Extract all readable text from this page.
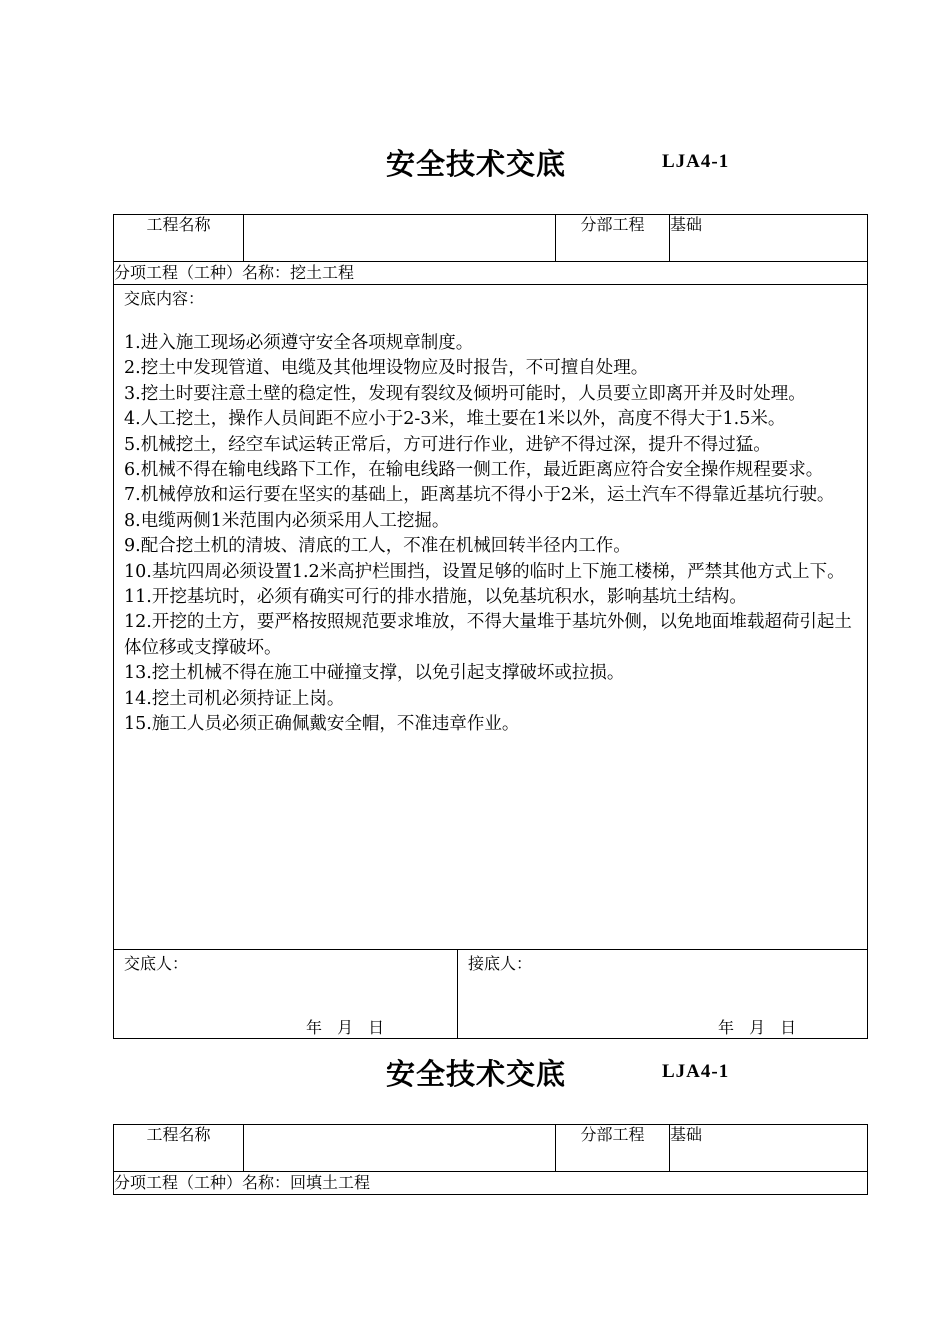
安全技术交底	LJA4-1
工程名称		分部工程	基础
分项工程（工种）名称：挖土工程

交底内容：

1.进入施工现场必须遵守安全各项规章制度。

2.挖土中发现管道、电缆及其他埋设物应及时报告，不可擅自处理。

3.挖土时要注意土壁的稳定性，发现有裂纹及倾坍可能时，人员要立即离开并及时处理。

4.人工挖土，操作人员间距不应小于2-3米，堆土要在1米以外，高度不得大于1.5米。

5.机械挖土，经空车试运转正常后，方可进行作业，进铲不得过深，提升不得过猛。

6.机械不得在输电线路下工作，在输电线路一侧工作，最近距离应符合安全操作规程要求。

7.机械停放和运行要在坚实的基础上，距离基坑不得小于2米，运土汽车不得靠近基坑行驶。

8.电缆两侧1米范围内必须采用人工挖掘。

9.配合挖土机的清坡、清底的工人，不准在机械回转半径内工作。

10.基坑四周必须设置1.2米高护栏围挡，设置足够的临时上下施工楼梯，严禁其他方式上下。

11.开挖基坑时，必须有确实可行的排水措施，以免基坑积水，影响基坑土结构。

12.开挖的土方，要严格按照规范要求堆放，不得大量堆于基坑外侧，以免地面堆载超荷引起土体位移或支撑破坏。

13.挖土机械不得在施工中碰撞支撑，以免引起支撑破坏或拉损。

14.挖土司机必须持证上岗。

15.施工人员必须正确佩戴安全帽，不准违章作业。

交底人：
年 月 日

接底人：
年 月 日
安全技术交底	LJA4-1
工程名称		分部工程	基础
分项工程（工种）名称：回填土工程
